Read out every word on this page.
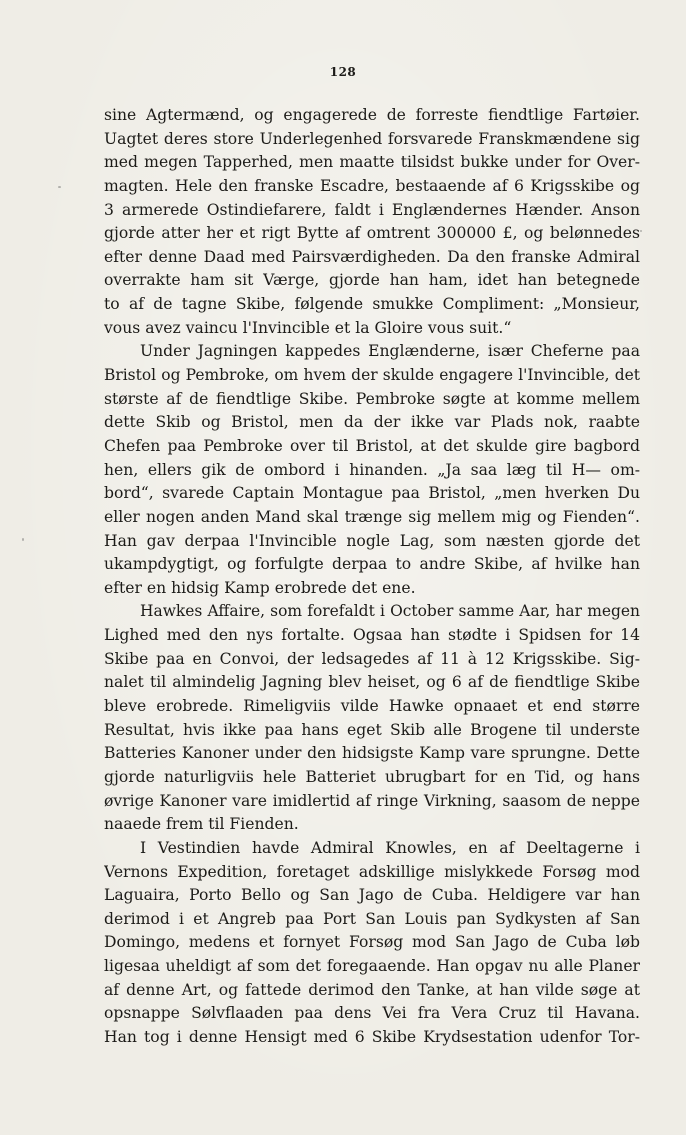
128
sine Agtermænd, og engagerede de forreste fiendtlige Fartøier.
Uagtet deres store Underlegenhed forsvarede Franskmændene sig
med megen Tapperhed, men maatte tilsidst bukke under for Over-
magten. Hele den franske Escadre, bestaaende af 6 Krigsskibe og
3 armerede Ostindiefarere, faldt i Englændernes Hænder. Anson
gjorde atter her et rigt Bytte af omtrent 300000 £, og belønnedes
efter denne Daad med Pairsværdigheden. Da den franske Admiral
overrakte ham sit Værge, gjorde han ham, idet han betegnede
to af de tagne Skibe, følgende smukke Compliment: „Monsieur,
vous avez vaincu l'Invincible et la Gloire vous suit.“
Under Jagningen kappedes Englænderne, især Cheferne paa
Bristol og Pembroke, om hvem der skulde engagere l'Invincible, det
største af de fiendtlige Skibe. Pembroke søgte at komme mellem
dette Skib og Bristol, men da der ikke var Plads nok, raabte
Chefen paa Pembroke over til Bristol, at det skulde gire bagbord
hen, ellers gik de ombord i hinanden. „Ja saa læg til H— om-
bord“, svarede Captain Montague paa Bristol, „men hverken Du
eller nogen anden Mand skal trænge sig mellem mig og Fienden“.
Han gav derpaa l'Invincible nogle Lag, som næsten gjorde det
ukampdygtigt, og forfulgte derpaa to andre Skibe, af hvilke han
efter en hidsig Kamp erobrede det ene.
Hawkes Affaire, som forefaldt i October samme Aar, har megen
Lighed med den nys fortalte. Ogsaa han stødte i Spidsen for 14
Skibe paa en Convoi, der ledsagedes af 11 à 12 Krigsskibe. Sig-
nalet til almindelig Jagning blev heiset, og 6 af de fiendtlige Skibe
bleve erobrede. Rimeligviis vilde Hawke opnaaet et end større
Resultat, hvis ikke paa hans eget Skib alle Brogene til underste
Batteries Kanoner under den hidsigste Kamp vare sprungne. Dette
gjorde naturligviis hele Batteriet ubrugbart for en Tid, og hans
øvrige Kanoner vare imidlertid af ringe Virkning, saasom de neppe
naaede frem til Fienden.
I Vestindien havde Admiral Knowles, en af Deeltagerne i
Vernons Expedition, foretaget adskillige mislykkede Forsøg mod
Laguaira, Porto Bello og San Jago de Cuba. Heldigere var han
derimod i et Angreb paa Port San Louis pan Sydkysten af San
Domingo, medens et fornyet Forsøg mod San Jago de Cuba løb
ligesaa uheldigt af som det foregaaende. Han opgav nu alle Planer
af denne Art, og fattede derimod den Tanke, at han vilde søge at
opsnappe Sølvflaaden paa dens Vei fra Vera Cruz til Havana.
Han tog i denne Hensigt med 6 Skibe Krydsestation udenfor Tor-
